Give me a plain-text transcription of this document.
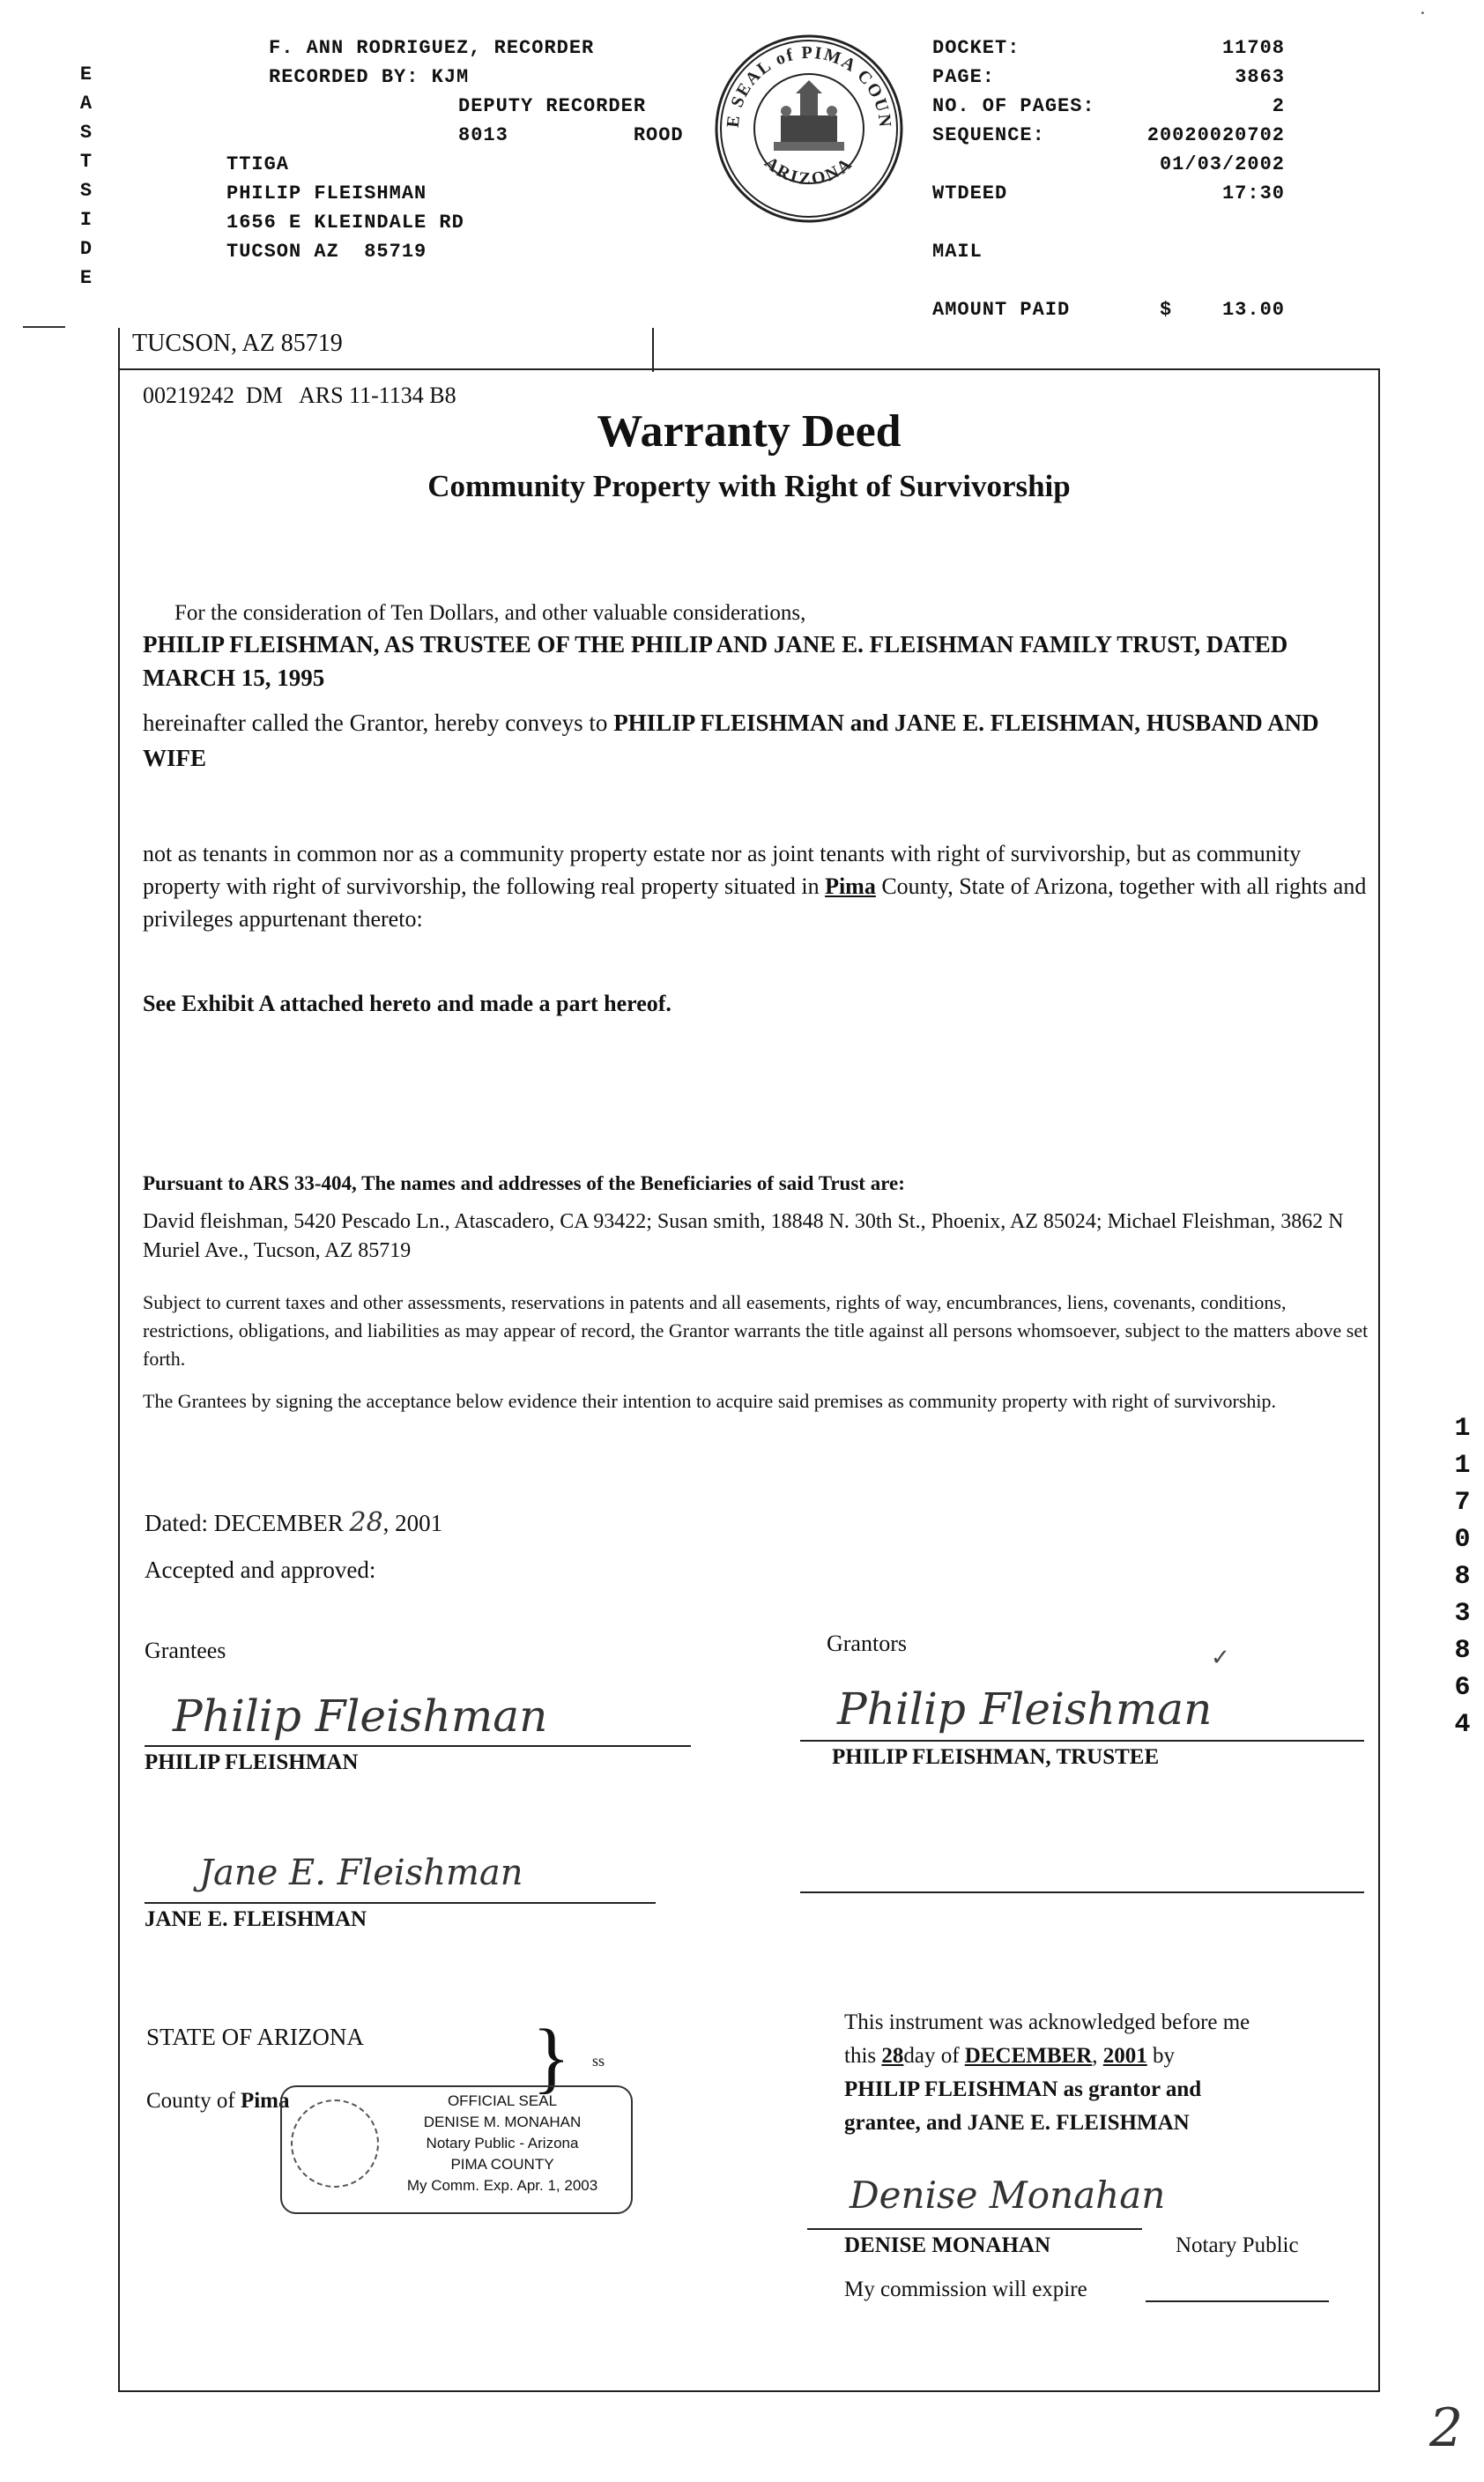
˙
E
A
S
T
S
I
D
E
F. ANN RODRIGUEZ, RECORDER
RECORDED BY: KJM
DEPUTY RECORDER
8013          ROOD
TTIGA
PHILIP FLEISHMAN
1656 E KLEINDALE RD
TUCSON AZ  85719
E SEAL of PIMA COUN
ARIZONA
DOCKET:	11708
PAGE:	3863
NO. OF PAGES:	2
SEQUENCE:	20020020702
01/03/2002
WTDEED	17:30
MAIL
AMOUNT PAID	$    13.00
TUCSON, AZ 85719
00219242  DM   ARS 11-1134 B8
Warranty Deed
Community Property with Right of Survivorship
For the consideration of Ten Dollars, and other valuable considerations,
PHILIP FLEISHMAN, AS TRUSTEE OF THE PHILIP AND JANE E. FLEISHMAN FAMILY TRUST, DATED MARCH 15, 1995
hereinafter called the Grantor, hereby conveys to PHILIP FLEISHMAN and JANE E. FLEISHMAN, HUSBAND AND WIFE
not as tenants in common nor as a community property estate nor as joint tenants with right of survivorship, but as community property with right of survivorship, the following real property situated in Pima County, State of Arizona, together with all rights and privileges appurtenant thereto:
See Exhibit A attached hereto and made a part hereof.
Pursuant to ARS 33-404, The names and addresses of the Beneficiaries of said Trust are:
David fleishman, 5420 Pescado Ln., Atascadero, CA 93422; Susan smith, 18848 N. 30th St., Phoenix, AZ 85024; Michael Fleishman, 3862 N Muriel Ave., Tucson, AZ 85719
Subject to current taxes and other assessments, reservations in patents and all easements, rights of way, encumbrances, liens, covenants, conditions, restrictions, obligations, and liabilities as may appear of record, the Grantor warrants the title against all persons whomsoever, subject to the matters above set forth.
The Grantees by signing the acceptance below evidence their intention to acquire said premises as community property with right of survivorship.
Dated: DECEMBER 28, 2001
Accepted and approved:
Grantees	Grantors
Philip Fleishman
PHILIP FLEISHMAN
Philip Fleishman
PHILIP FLEISHMAN, TRUSTEE
✓
Jane E. Fleishman
JANE E. FLEISHMAN
STATE OF ARIZONA
County of Pima	} ss
OFFICIAL SEAL
DENISE M. MONAHAN
Notary Public - Arizona
PIMA COUNTY
My Comm. Exp. Apr. 1, 2003
This instrument was acknowledged before me
this 28day of DECEMBER, 2001 by
PHILIP FLEISHMAN as grantor and
grantee, and JANE E. FLEISHMAN
Denise Monahan
DENISE MONAHAN	Notary Public
My commission will expire
11708 3864
2
